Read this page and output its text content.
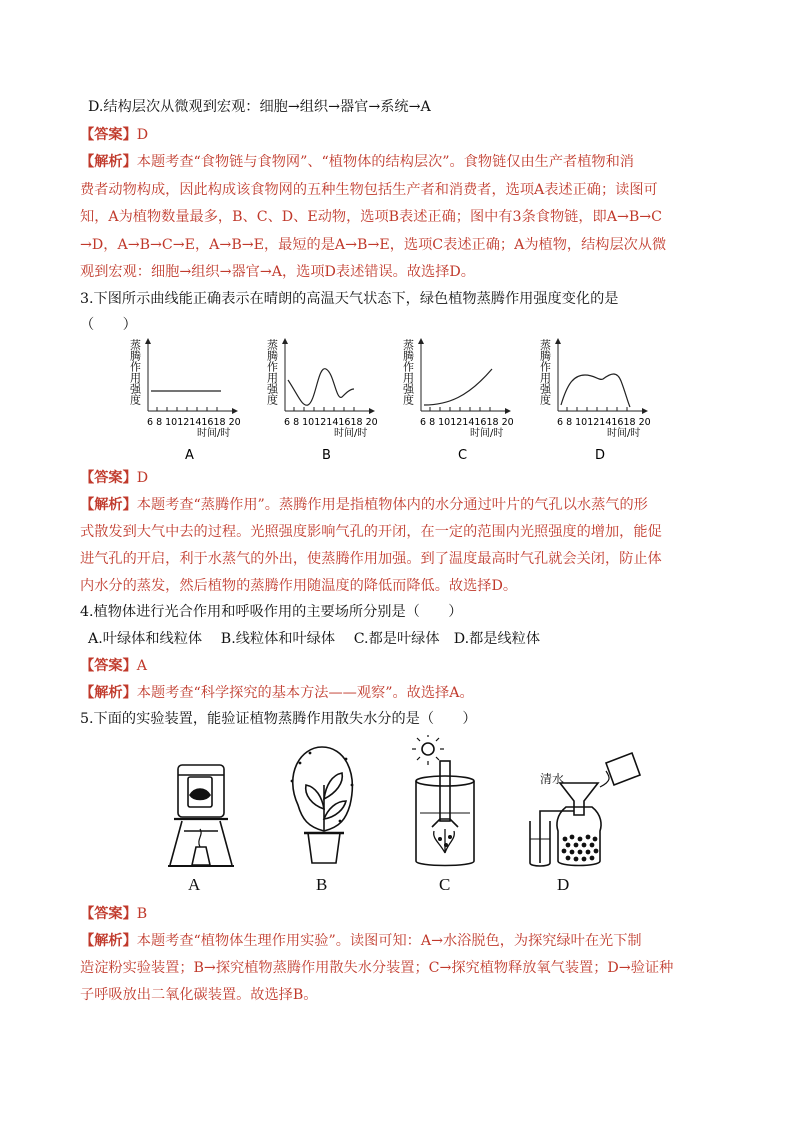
D.结构层次从微观到宏观：细胞→组织→器官→系统→A
【答案】D
【解析】本题考查“食物链与食物网”、“植物体的结构层次”。食物链仅由生产者植物和消
费者动物构成，因此构成该食物网的五种生物包括生产者和消费者，选项A表述正确；读图可
知，A为植物数量最多，B、C、D、E动物，选项B表述正确；图中有3条食物链，即A→B→C
→D，A→B→C→E，A→B→E，最短的是A→B→E，选项C表述正确；A为植物，结构层次从微
观到宏观：细胞→组织→器官→A，选项D表述错误。故选择D。
3.下图所示曲线能正确表示在晴朗的高温天气状态下，绿色植物蒸腾作用强度变化的是
（　　）
蒸腾作用强度
6 8 1012141618 20
时间/时
A
蒸腾作用强度
6 8 1012141618 20
时间/时
B
蒸腾作用强度
6 8 1012141618 20
时间/时
C
蒸腾作用强度
6 8 1012141618 20
时间/时
D
【答案】D
【解析】本题考查“蒸腾作用”。蒸腾作用是指植物体内的水分通过叶片的气孔以水蒸气的形
式散发到大气中去的过程。光照强度影响气孔的开闭，在一定的范围内光照强度的增加，能促
进气孔的开启，利于水蒸气的外出，使蒸腾作用加强。到了温度最高时气孔就会关闭，防止体
内水分的蒸发，然后植物的蒸腾作用随温度的降低而降低。故选择D。
4.植物体进行光合作用和呼吸作用的主要场所分别是（　　）
A.叶绿体和线粒体　 B.线粒体和叶绿体　 C.都是叶绿体　D.都是线粒体
【答案】A
【解析】本题考查“科学探究的基本方法——观察”。故选择A。
5.下面的实验装置，能验证植物蒸腾作用散失水分的是（　　）
清水
A	B	C	D
【答案】B
【解析】本题考查“植物体生理作用实验”。读图可知：A→水浴脱色，为探究绿叶在光下制
造淀粉实验装置；B→探究植物蒸腾作用散失水分装置；C→探究植物释放氧气装置；D→验证种
子呼吸放出二氧化碳装置。故选择B。
